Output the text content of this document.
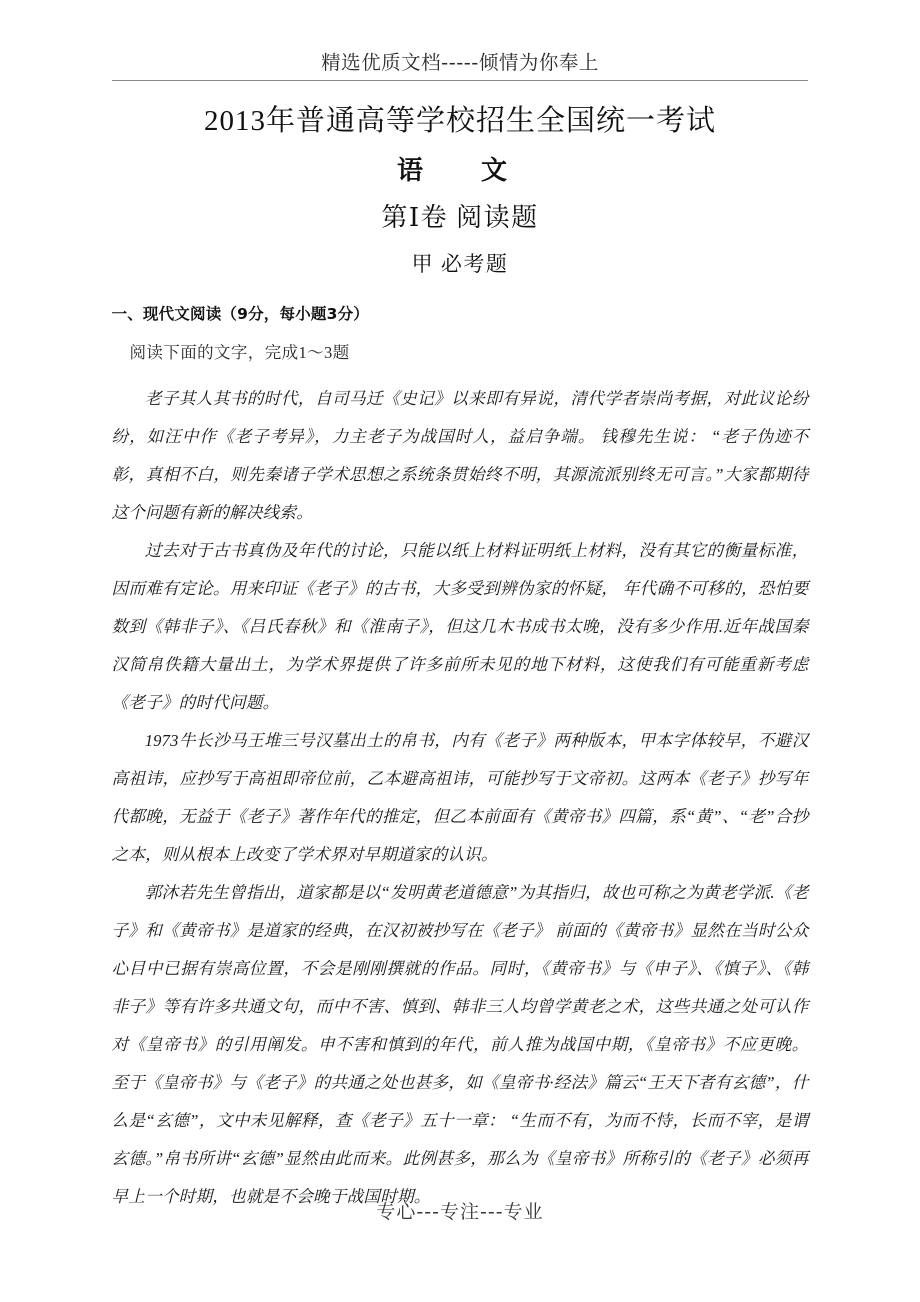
精选优质文档-----倾情为你奉上
2013年普通高等学校招生全国统一考试
语　文
第Ⅰ卷 阅读题
甲 必考题
一、现代文阅读（9分，每小题3分）
阅读下面的文字，完成1～3题

老子其人其书的时代，自司马迁《史记》以来即有异说，清代学者崇尚考据，对此议论纷纷，如汪中作《老子考异》，力主老子为战国时人，益启争端。 钱穆先生说： “老子伪迹不彰，真相不白，则先秦诸子学术思想之系统条贯始终不明，其源流派别终无可言。”大家都期待这个问题有新的解决线索。

过去对于古书真伪及年代的讨论，只能以纸上材料证明纸上材料，没有其它的衡量标准，因而难有定论。用来印证《老子》的古书，大多受到辨伪家的怀疑， 年代确不可移的，恐怕要数到《韩非子》、《吕氏春秋》和《淮南子》，但这几木书成书太晚，没有多少作用.近年战国秦汉简帛佚籍大量出土，为学术界提供了许多前所未见的地下材料，这使我们有可能重新考虑《老子》的时代问题。

1973牛长沙马王堆三号汉墓出土的帛书，内有《老子》两种版本，甲本字体较早，不避汉高祖讳，应抄写于高祖即帝位前，乙本避高祖讳，可能抄写于文帝初。这两本《老子》抄写年代都晚，无益于《老子》著作年代的推定，但乙本前面有《黄帝书》四篇，系“黄”、“老”合抄之本，则从根本上改变了学术界对早期道家的认识。

郭沐若先生曾指出，道家都是以“发明黄老道德意”为其指归，故也可称之为黄老学派.《老子》和《黄帝书》是道家的经典，在汉初被抄写在《老子》 前面的《黄帝书》显然在当时公众心目中已据有崇高位置，不会是刚刚撰就的作品。同时，《黄帝书》与《申子》、《慎子》、《韩非子》等有许多共通文句，而中不害、慎到、韩非三人均曾学黄老之术，这些共通之处可认作对《皇帝书》的引用阐发。申不害和慎到的年代，前人推为战国中期，《皇帝书》不应更晚。至于《皇帝书》与《老子》的共通之处也甚多，如《皇帝书·经法》篇云“王天下者有玄德”，什么是“玄德”，文中未见解释，查《老子》五十一章： “生而不有，为而不恃，长而不宰，是谓玄德。”帛书所讲“玄德”显然由此而来。此例甚多，那么为《皇帝书》所称引的《老子》必须再早上一个时期，也就是不会晚于战国时期。

专心---专注---专业
